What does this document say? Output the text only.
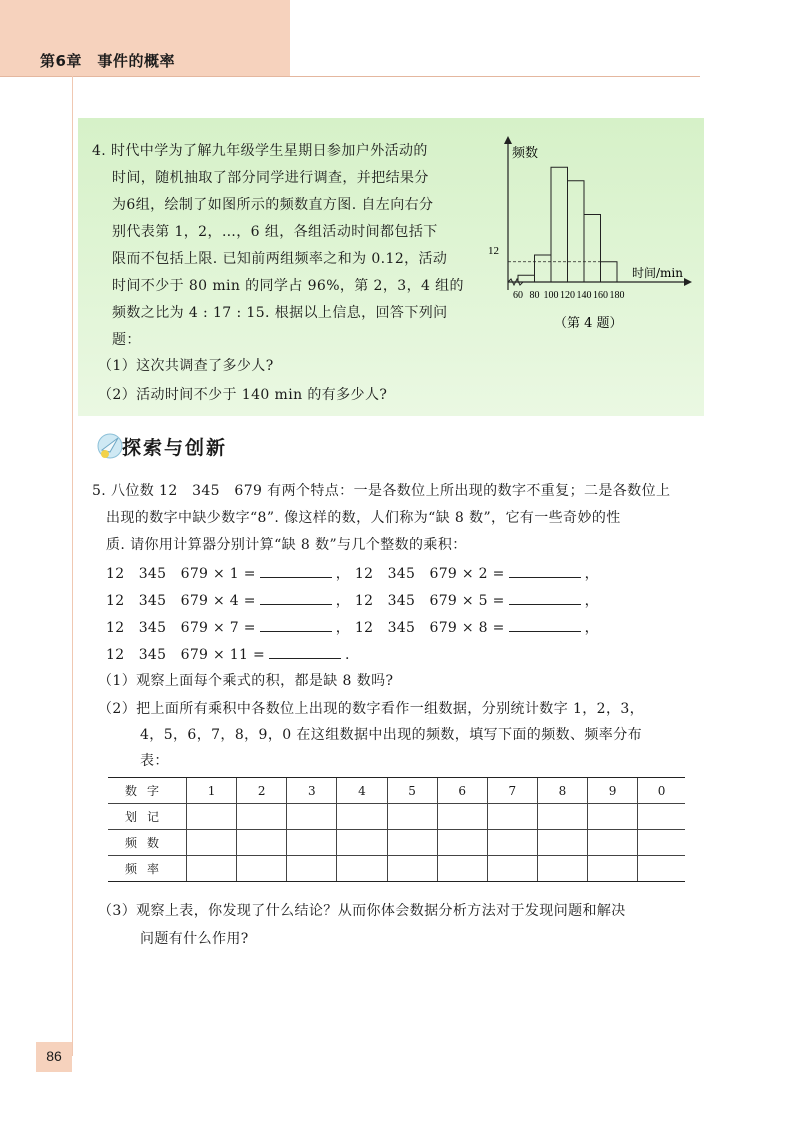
第6章　事件的概率
4. 时代中学为了解九年级学生星期日参加户外活动的
时间，随机抽取了部分同学进行调查，并把结果分
为6组，绘制了如图所示的频数直方图. 自左向右分
别代表第 1，2，…，6 组，各组活动时间都包括下
限而不包括上限. 已知前两组频率之和为 0.12，活动
时间不少于 80 min 的同学占 96%，第 2，3，4 组的
频数之比为 4 : 17 : 15. 根据以上信息，回答下列问
题：
（1）这次共调查了多少人?
（2）活动时间不少于 140 min 的有多少人?
频数
时间/min
60 80 100 120 140 160 180
12
（第 4 题）
探索与创新
5. 八位数 12　345　679 有两个特点：一是各数位上所出现的数字不重复；二是各数位上
出现的数字中缺少数字“8”. 像这样的数，人们称为“缺 8 数”，它有一些奇妙的性
质. 请你用计算器分别计算“缺 8 数”与几个整数的乘积：
12　345　679 × 1 =	， 12　345　679 × 2 =	，
12　345　679 × 4 =	， 12　345　679 × 5 =	，
12　345　679 × 7 =	， 12　345　679 × 8 =	，
12　345　679 × 11 =	.
（1）观察上面每个乘式的积，都是缺 8 数吗?
（2）把上面所有乘积中各数位上出现的数字看作一组数据，分别统计数字 1，2，3，
4，5，6，7，8，9，0 在这组数据中出现的频数，填写下面的频数、频率分布
表：
数字	1	2	3	4	5	6	7	8	9	0
划记										
频数										
频率										
（3）观察上表，你发现了什么结论？从而你体会数据分析方法对于发现问题和解决
问题有什么作用?
86
